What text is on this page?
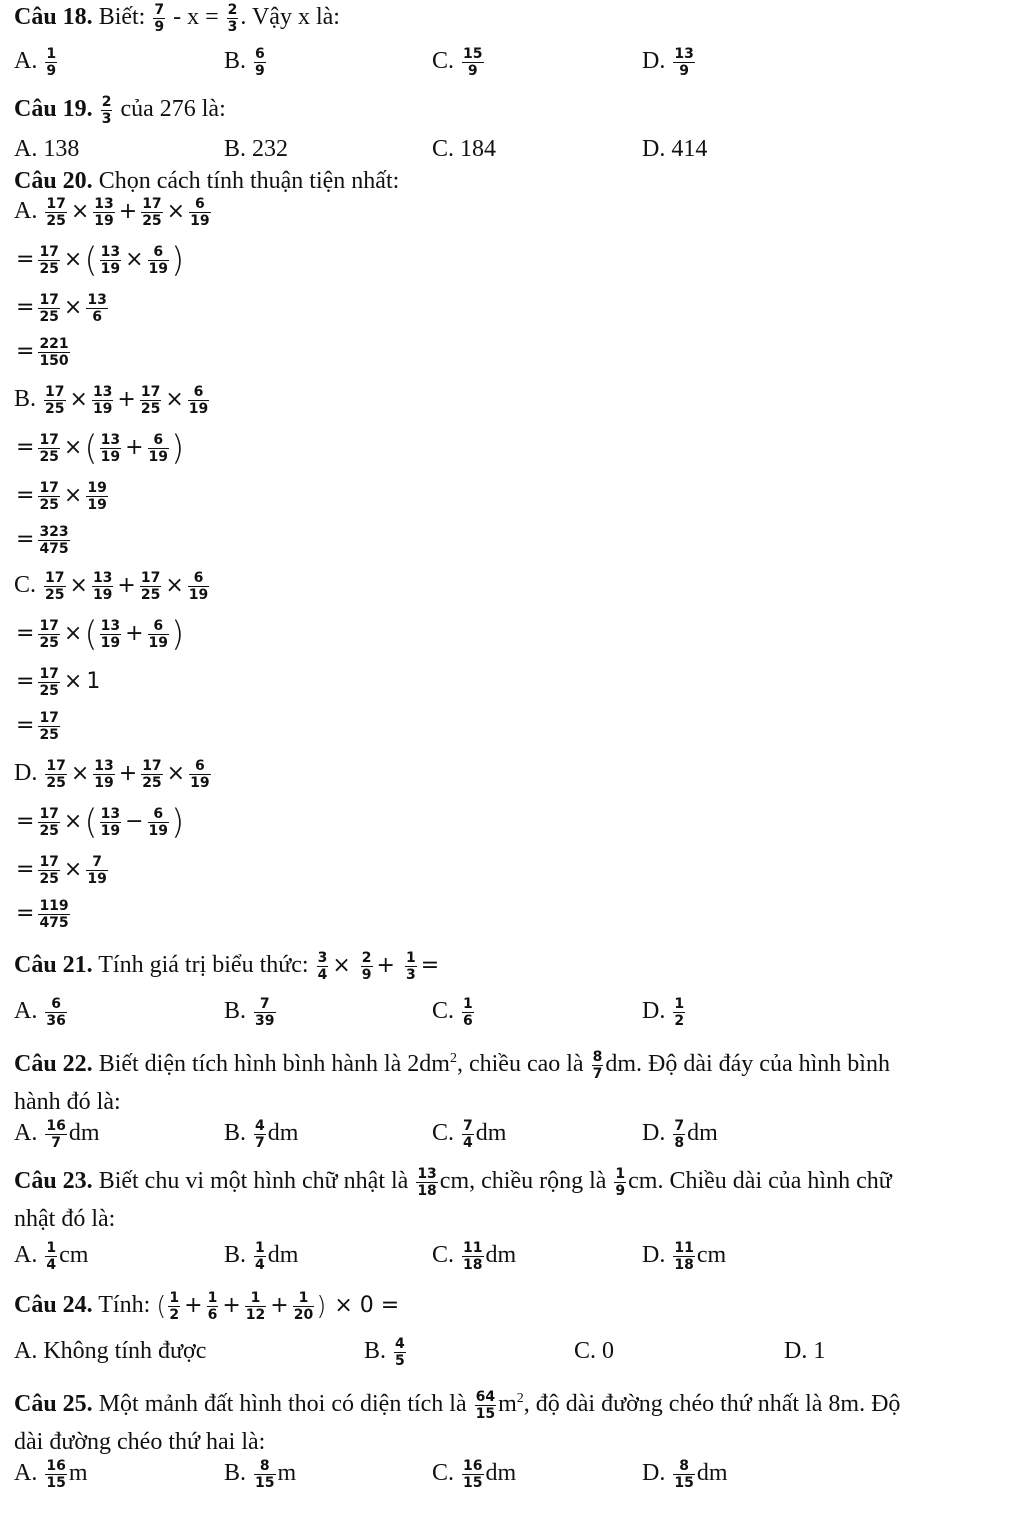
Câu 18. Biết: $\frac{7}{9} - x = \frac{2}{3}$ . Vậy x là:
A. $\frac{1}{9}$	B. $\frac{6}{9}$	C. $\frac{15}{9}$	D. $\frac{13}{9}$
Câu 19. $\frac{2}{3}$ của 276 là:
A. 138	B. 232	C. 184	D. 414
Câu 20. Chọn cách tính thuận tiện nhất:
A. $\frac{17}{25} \times \frac{13}{19} + \frac{17}{25} \times \frac{6}{19}$
= $\frac{17}{25}$ ×( $\frac{13}{19} \times \frac{6}{19}$ )
= $\frac{17}{25} \times \frac{13}{6}$
= $\frac{221}{150}$
B. $\frac{17}{25} \times \frac{13}{19} + \frac{17}{25} \times \frac{6}{19}$
= $\frac{17}{25}$ ×( $\frac{13}{19} + \frac{6}{19}$ )
= $\frac{17}{25} \times \frac{19}{19}$
= $\frac{323}{475}$
C. $\frac{17}{25} \times \frac{13}{19} + \frac{17}{25} \times \frac{6}{19}$
= $\frac{17}{25}$ ×( $\frac{13}{19} + \frac{6}{19}$ )
= $\frac{17}{25} \times 1$
= $\frac{17}{25}$
D. $\frac{17}{25} \times \frac{13}{19} + \frac{17}{25} \times \frac{6}{19}$
= $\frac{17}{25}$ ×( $\frac{13}{19} - \frac{6}{19}$ )
= $\frac{17}{25} \times \frac{7}{19}$
= $\frac{119}{475}$
Câu 21. Tính giá trị biểu thức: $\frac{3}{4} \times \frac{2}{9} + \frac{1}{3}$ =
A. $\frac{6}{36}$	B. $\frac{7}{39}$	C. $\frac{1}{6}$	D. $\frac{1}{2}$
Câu 22. Biết diện tích hình bình hành là $2dm^2$, chiều cao là $\frac{8}{7}$ dm. Độ dài đáy của hình bình
hành đó là:
A. $\frac{16}{7}$ dm	B. $\frac{4}{7}$ dm	C. $\frac{7}{4}$ dm	D. $\frac{7}{8}$ dm
Câu 23. Biết chu vi một hình chữ nhật là $\frac{13}{18}$ cm, chiều rộng là $\frac{1}{9}$ cm. Chiều dài của hình chữ
nhật đó là:
A. $\frac{1}{4}$ cm	B. $\frac{1}{4}$ dm	C. $\frac{11}{18}$ dm	D. $\frac{11}{18}$ cm
Câu 24. Tính: ( $\frac{1}{2} + \frac{1}{6} + \frac{1}{12} + \frac{1}{20}$ ) × 0 =
A. Không tính được	B. $\frac{4}{5}$	C. 0	D. 1
Câu 25. Một mảnh đất hình thoi có diện tích là $\frac{64}{15} m^2$, độ dài đường chéo thứ nhất là 8m. Độ
dài đường chéo thứ hai là:
A. $\frac{16}{15}$ m	B. $\frac{8}{15}$ m	C. $\frac{16}{15}$ dm	D. $\frac{8}{15}$ dm
